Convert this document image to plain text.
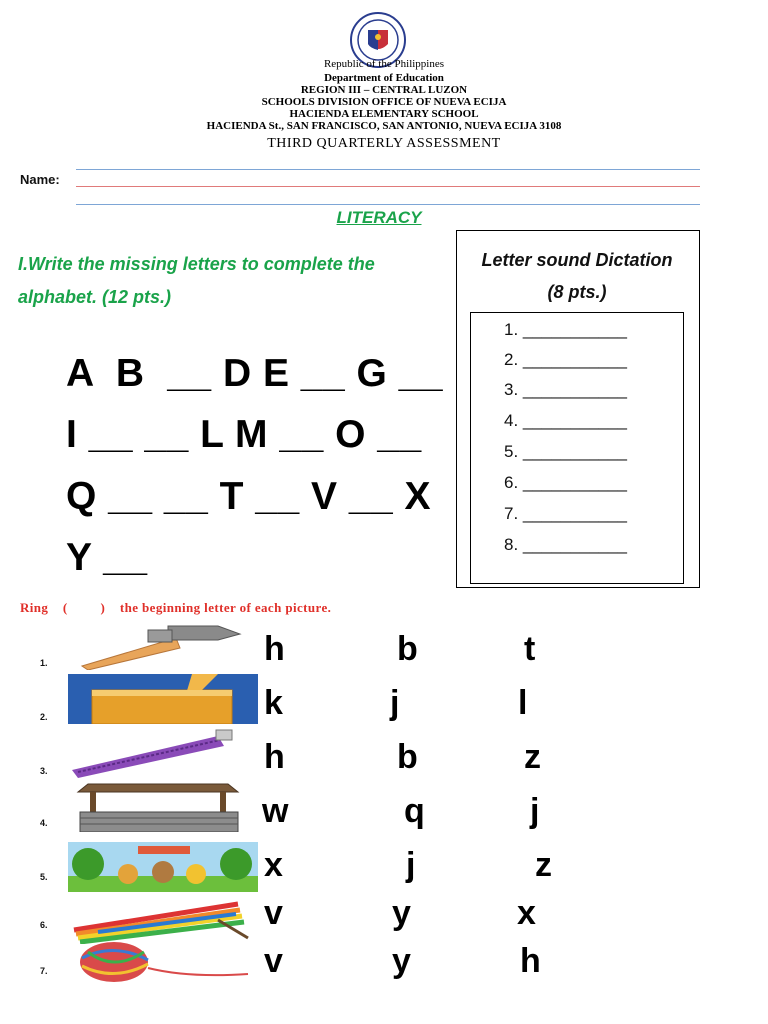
Republic of the Philippines
Department of Education
REGION III – CENTRAL LUZON
SCHOOLS DIVISION OFFICE OF NUEVA ECIJA
HACIENDA ELEMENTARY SCHOOL
HACIENDA St., SAN FRANCISCO, SAN ANTONIO, NUEVA ECIJA 3108
THIRD QUARTERLY ASSESSMENT
Name:
LITERACY
I.Write the missing letters to complete the alphabet. (12 pts.)
A  B  __ D E __ G __
I __ __ L M __ O __
Q __ __ T __ V __ X
Y __
Letter sound Dictation
(8 pts.)
1. ___________
2. ___________
3. ___________
4. ___________
5. ___________
6. ___________
7. ___________
8. ___________
Ring    (         )    the beginning letter of each picture.
1.	h	b	t
2.	k	j	l
3.	h	b	z
4.	w	q	j
5.	x	j	z
6.	v	y	x
7.	v	y	h
